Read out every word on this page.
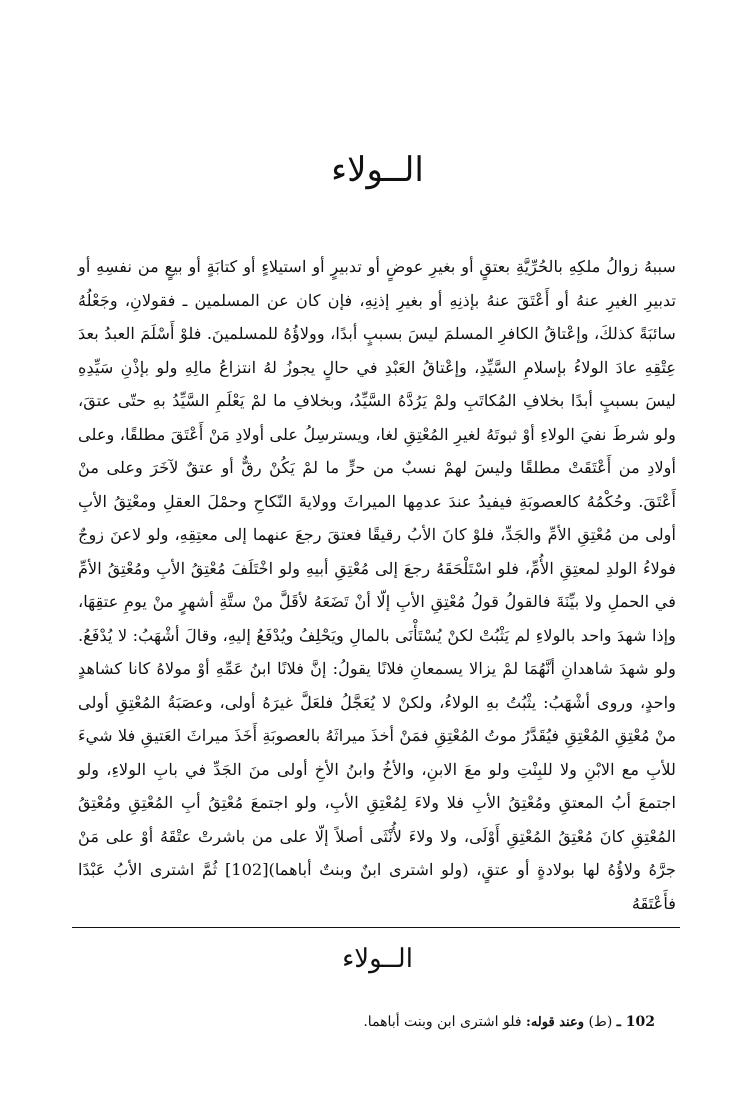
الــولاء

سببهُ زوالُ ملكِهِ بالحُرِّيَّةِ بعتقٍ أو بغيرِ عوضٍ أو تدبيرٍ أو استيلاءٍ أو كتابَةٍ أو بيعٍ من نفسِهِ أو تدبيرِ الغيرِ عنهُ أو أَعْتَقَ عنهُ بإذنِهِ أو بغيرِ إذنِهِ، فإن كان عن المسلمين ـ فقولانِ، وجَعْلُهُ سائبَةً كذلكَ، وإعْتاقُ الكافرِ المسلمَ ليسَ بسببٍ أبدًا، وولاؤُهُ للمسلمينَ. فلوْ أَسْلَمَ العبدُ بعدَ عِتْقِهِ عادَ الولاءُ بإسلامِ السَّيِّدِ، وإعْتاقُ العَبْدِ في حالٍ يجوزُ لهُ انتزاعُ مالِهِ ولو بإذْنِ سَيِّدِهِ ليسَ بسببٍ أبدًا بخلافِ المُكاتَبِ ولمْ يَرُدَّهُ السَّيِّدُ، وبخلافِ ما لمْ يَعْلَمِ السَّيِّدُ بهِ حتّى عتقَ، ولو شرطَ نفيَ الولاءِ أوْ ثبوتَهُ لغيرِ المُعْتِقِ لغا، ويسترسِلُ على أولادِ مَنْ أَعْتَقَ مطلقًا، وعلى أولادِ من أَعْتَقَتْ مطلقًا وليسَ لهمْ نسبٌ من حرٍّ ما لمْ يَكُنْ رقٌّ أو عتقٌ لآخَرَ وعلى منْ أَعْتَقَ. وحُكْمُهُ كالعصوبَةِ فيفيدُ عندَ عدمِها الميراثَ وولايةَ النّكاحِ وحمْلَ العقلِ ومعْتِقُ الأبِ أولى من مُعْتِقِ الأمِّ والجَدِّ، فلوْ كانَ الأبُ رقيقًا فعتقَ رجعَ عنهما إلى معتِقِهِ، ولو لاعنَ زوجٌ فولاءُ الولدِ لمعتِقِ الأُمِّ، فلو اسْتَلْحَقَهُ رجعَ إلى مُعْتِقِ أبيهِ ولو اخْتَلَفَ مُعْتِقُ الأبِ ومُعْتِقُ الأمِّ في الحملِ ولا بيِّنَةَ فالقولُ قولُ مُعْتِقِ الأبِ إلّا أنْ تَضَعَهُ لأقَلَّ منْ ستَّةِ أشهرٍ منْ يومِ عتقِهَا، وإذا شهدَ واحد بالولاءِ لم يَثْبُتْ لكنْ يُسْتَأْنَى بالمالِ ويَحْلِفُ ويُدْفَعُ إليهِ، وقالَ أشْهَبُ: لا يُدْفَعُ. ولو شهدَ شاهدانِ أنَّهُمَا لمْ يزالا يسمعانِ فلانًا يقولُ: إنَّ فلانًا ابنُ عَمِّهِ أوْ مولاهُ كانا كشاهدٍ واحدٍ، وروى أشْهَبُ: يثْبُتُ بهِ الولاءُ، ولكنْ لا يُعَجَّلُ فلعَلَّ غيرَهُ أولى، وعصَبَةُ المُعْتِقِ أولى منْ مُعْتِقِ المُعْتِقِ فيُقَدَّرُ موتُ المُعْتِقِ فمَنْ أخذَ ميراثَهُ بالعصوبَةِ أَخَذَ ميراثَ العَتيقِ فلا شيءَ للأبِ مع الابْنِ ولا للبِنْتِ ولو معَ الابنِ، والأخُ وابنُ الأخِ أولى منَ الجَدِّ في بابِ الولاءِ، ولو اجتمعَ أبُ المعتقِ ومُعْتِقُ الأبِ فلا ولاءَ لِمُعْتِقِ الأبِ، ولو اجتمعَ مُعْتِقُ أبِ المُعْتِقِ ومُعْتِقُ المُعْتِقِ كانَ مُعْتِقُ المُعْتِقِ أَوْلَى، ولا ولاءَ لأُنْثَى أصلاً إلّا على من باشرتْ عتْقَهُ أوْ على مَنْ جرَّهُ ولاؤُهُ لها بولادةٍ أو عتقٍ، (ولو اشترى ابنٌ وبنتٌ أباهما)[102] ثُمَّ اشترى الأبُ عَبْدًا فأَعْتَقَهُ

الــولاء
102 ـ (ط) وعند قوله: فلو اشترى ابن وبنت أباهما.
